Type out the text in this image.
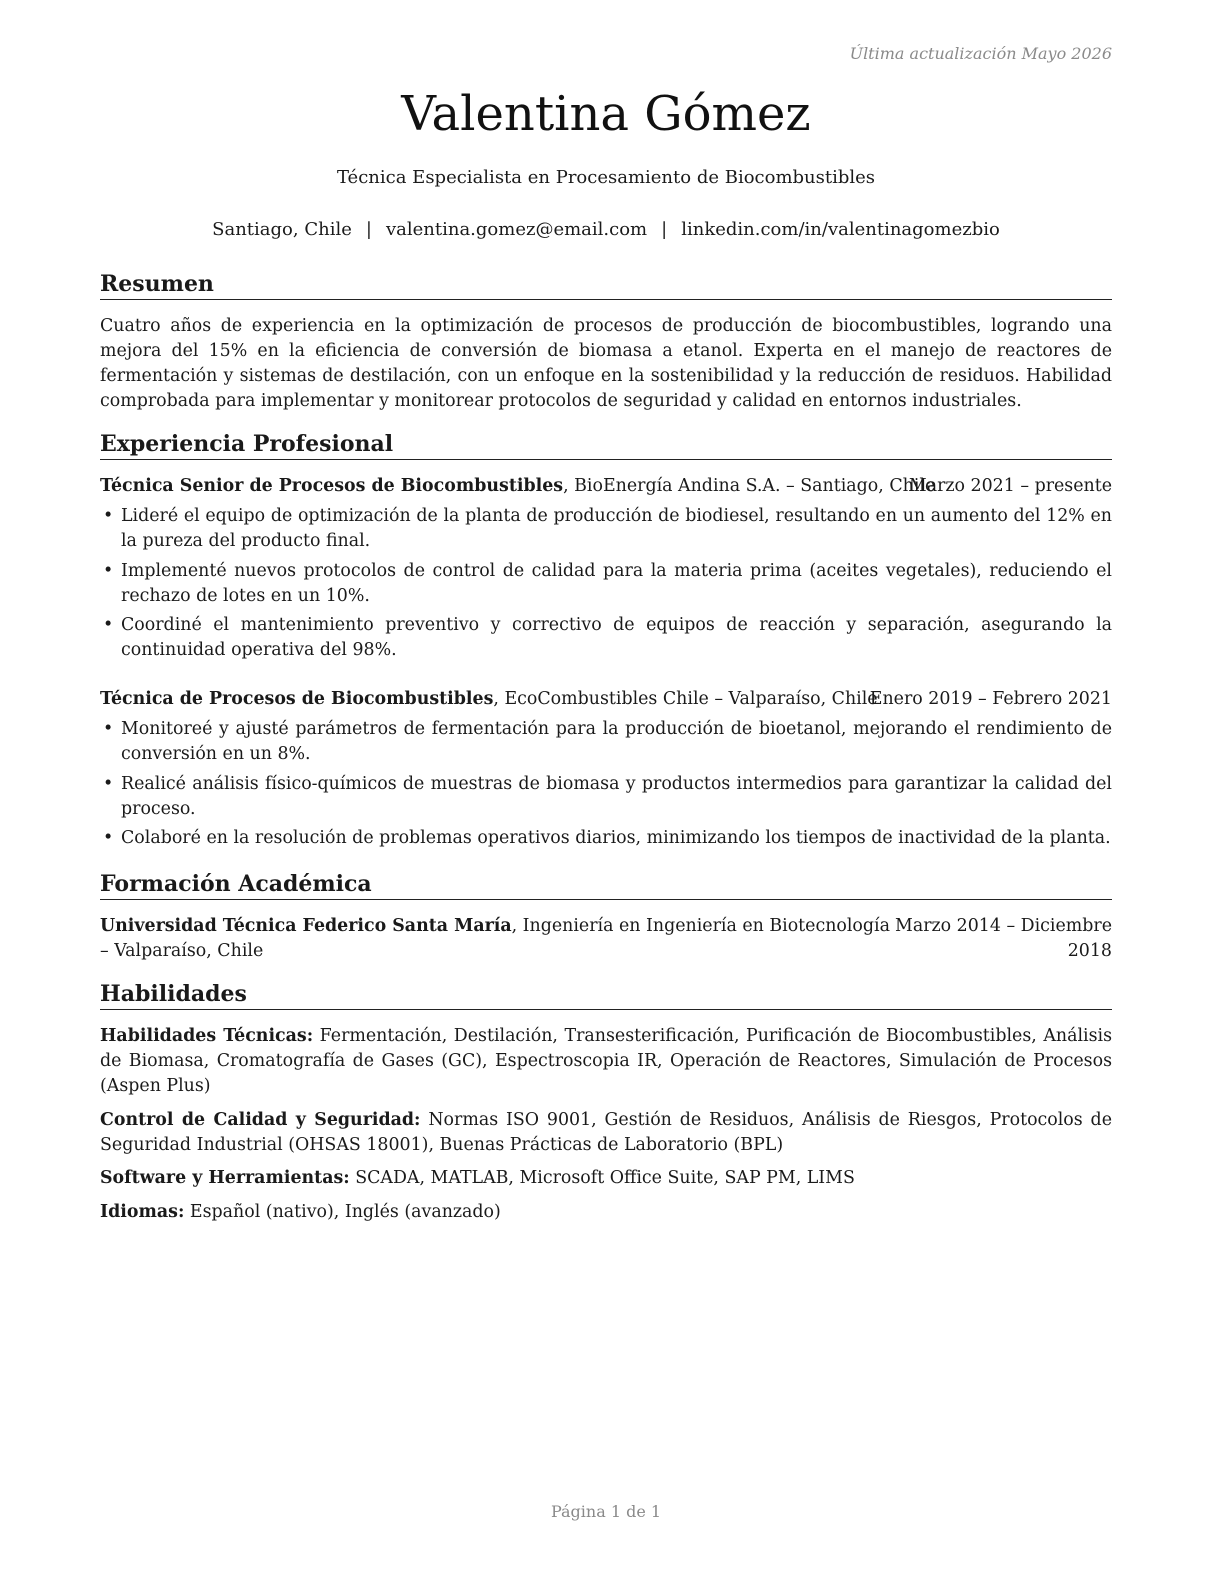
Última actualización Mayo 2026
Valentina Gómez
Técnica Especialista en Procesamiento de Biocombustibles
Santiago, Chile | valentina.gomez@email.com | linkedin.com/in/valentinagomezbio
Resumen
Cuatro años de experiencia en la optimización de procesos de producción de biocombustibles, logrando una mejora del 15% en la eficiencia de conversión de biomasa a etanol. Experta en el manejo de reactores de fermentación y sistemas de destilación, con un enfoque en la sostenibilidad y la reducción de residuos. Habilidad comprobada para implementar y monitorear protocolos de seguridad y calidad en entornos industriales.
Experiencia Profesional
Técnica Senior de Procesos de Biocombustibles, BioEnergía Andina S.A. – Santiago, Chile
Marzo 2021 – presente
• Lideré el equipo de optimización de la planta de producción de biodiesel, resultando en un aumento del 12% en la pureza del producto final.
• Implementé nuevos protocolos de control de calidad para la materia prima (aceites vegetales), reduciendo el rechazo de lotes en un 10%.
• Coordiné el mantenimiento preventivo y correctivo de equipos de reacción y separación, asegurando la continuidad operativa del 98%.
Técnica de Procesos de Biocombustibles, EcoCombustibles Chile – Valparaíso, Chile
Enero 2019 – Febrero 2021
• Monitoreé y ajusté parámetros de fermentación para la producción de bioetanol, mejorando el rendimiento de conversión en un 8%.
• Realicé análisis físico-químicos de muestras de biomasa y productos intermedios para garantizar la calidad del proceso.
• Colaboré en la resolución de problemas operativos diarios, minimizando los tiempos de inactividad de la planta.
Formación Académica
Universidad Técnica Federico Santa María, Ingeniería en Ingeniería en Biotecnología – Valparaíso, Chile
Marzo 2014 – Diciembre 2018
Habilidades
Habilidades Técnicas: Fermentación, Destilación, Transesterificación, Purificación de Biocombustibles, Análisis de Biomasa, Cromatografía de Gases (GC), Espectroscopia IR, Operación de Reactores, Simulación de Procesos (Aspen Plus)
Control de Calidad y Seguridad: Normas ISO 9001, Gestión de Residuos, Análisis de Riesgos, Protocolos de Seguridad Industrial (OHSAS 18001), Buenas Prácticas de Laboratorio (BPL)
Software y Herramientas: SCADA, MATLAB, Microsoft Office Suite, SAP PM, LIMS
Idiomas: Español (nativo), Inglés (avanzado)
Página 1 de 1
